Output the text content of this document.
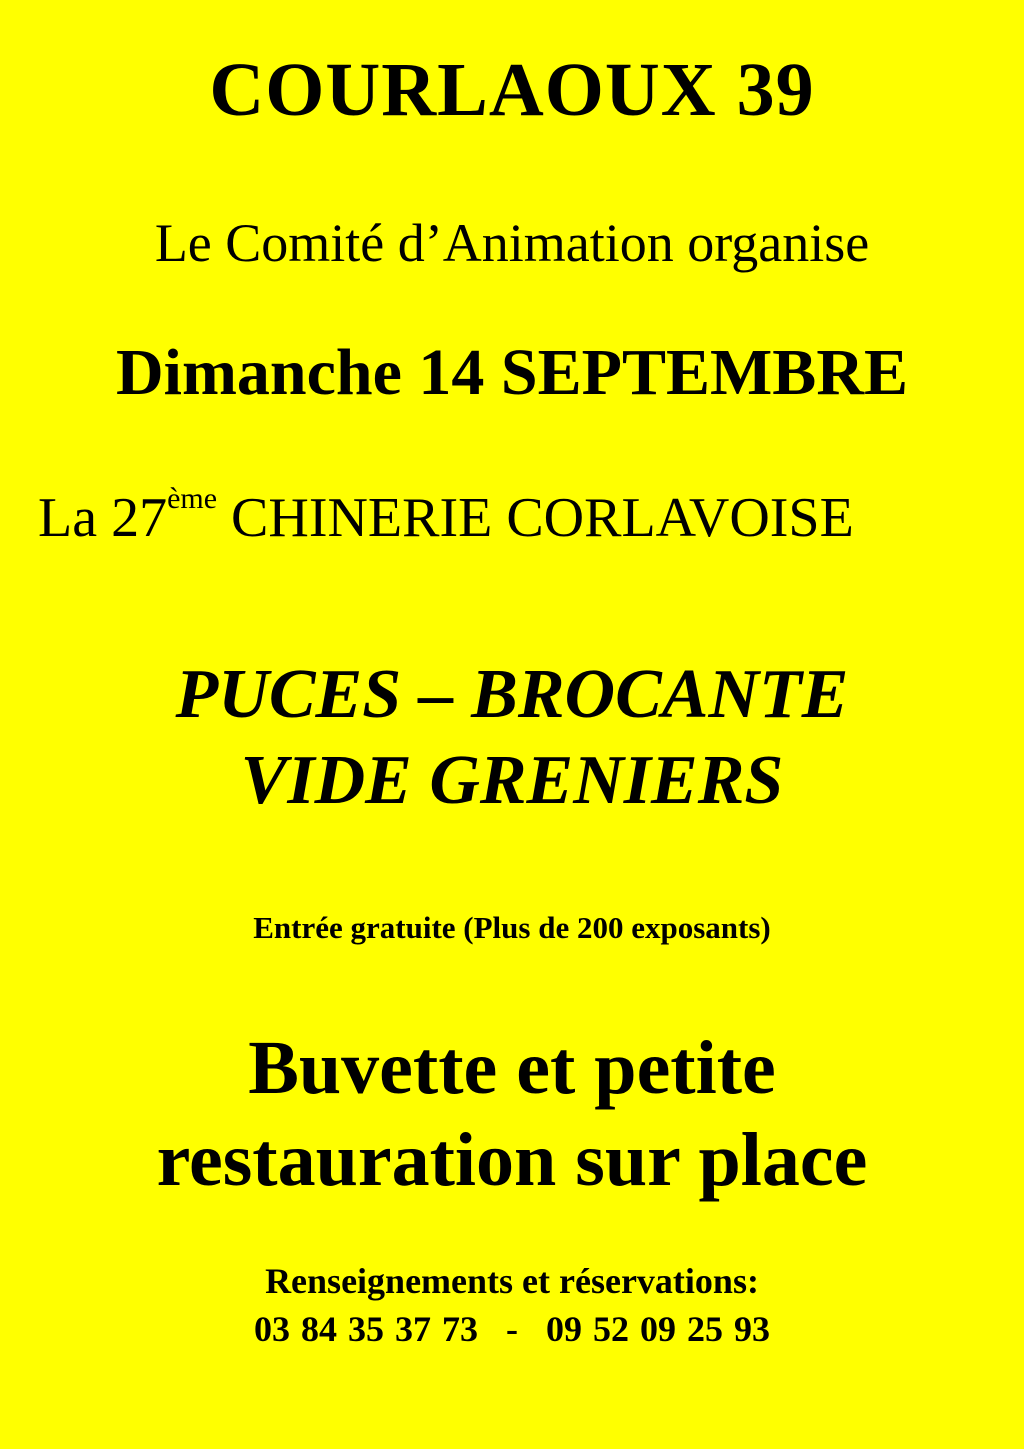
COURLAOUX 39
Le Comité d’Animation organise
Dimanche 14 SEPTEMBRE
La 27ème CHINERIE CORLAVOISE
PUCES – BROCANTE
VIDE GRENIERS
Entrée gratuite (Plus de 200 exposants)
Buvette et petite
restauration sur place
Renseignements et réservations:
03 84 35 37 73 - 09 52 09 25 93
